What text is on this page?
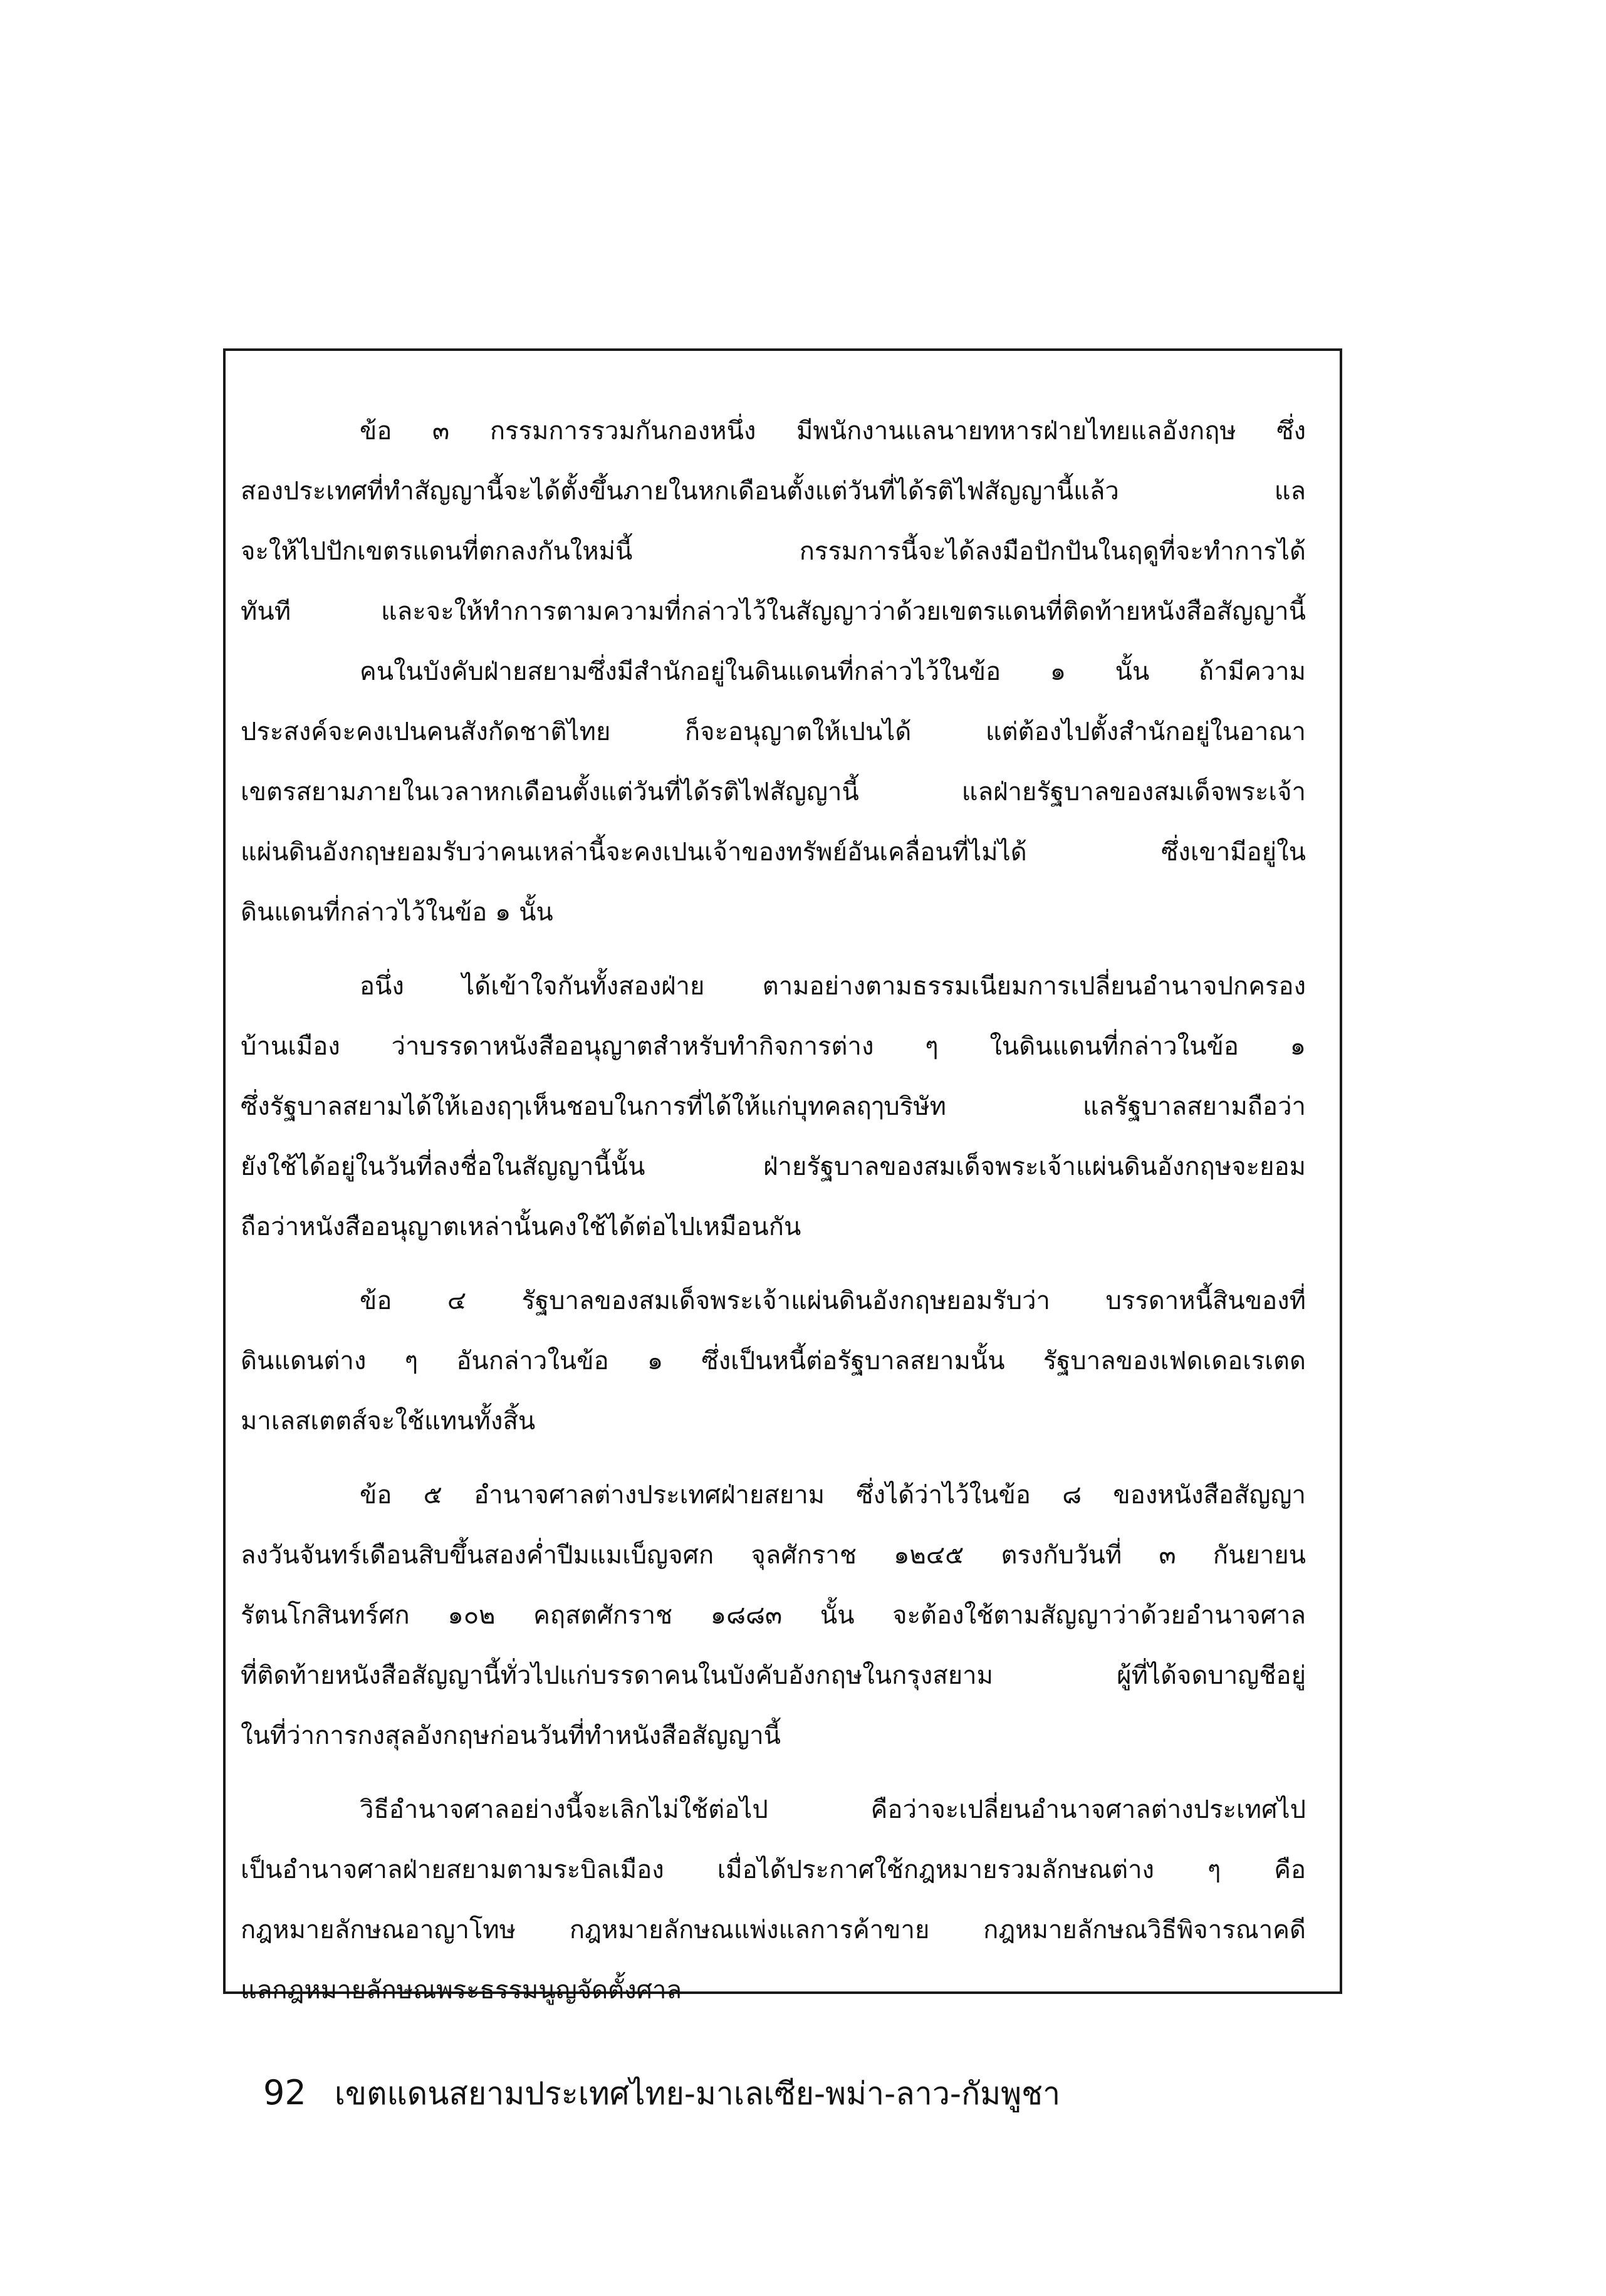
ข้อ ๓ กรรมการรวมกันกองหนึ่ง มีพนักงานแลนายทหารฝ่ายไทยแลอังกฤษ ซึ่ง
สองประเทศที่ทำสัญญานี้จะได้ตั้งขึ้นภายในหกเดือนตั้งแต่วันที่ได้รติไฟสัญญานี้แล้ว แล
จะให้ไปปักเขตรแดนที่ตกลงกันใหม่นี้ กรรมการนี้จะได้ลงมือปักปันในฤดูที่จะทำการได้
ทันที และจะให้ทำการตามความที่กล่าวไว้ในสัญญาว่าด้วยเขตรแดนที่ติดท้ายหนังสือสัญญานี้
คนในบังคับฝ่ายสยามซึ่งมีสำนักอยู่ในดินแดนที่กล่าวไว้ในข้อ ๑ นั้น ถ้ามีความ
ประสงค์จะคงเปนคนสังกัดชาติไทย ก็จะอนุญาตให้เปนได้ แต่ต้องไปตั้งสำนักอยู่ในอาณา
เขตรสยามภายในเวลาหกเดือนตั้งแต่วันที่ได้รติไฟสัญญานี้ แลฝ่ายรัฐบาลของสมเด็จพระเจ้า
แผ่นดินอังกฤษยอมรับว่าคนเหล่านี้จะคงเปนเจ้าของทรัพย์อันเคลื่อนที่ไม่ได้ ซึ่งเขามีอยู่ใน
ดินแดนที่กล่าวไว้ในข้อ ๑ นั้น
อนึ่ง ได้เข้าใจกันทั้งสองฝ่าย ตามอย่างตามธรรมเนียมการเปลี่ยนอำนาจปกครอง
บ้านเมือง ว่าบรรดาหนังสืออนุญาตสำหรับทำกิจการต่าง ๆ ในดินแดนที่กล่าวในข้อ ๑
ซึ่งรัฐบาลสยามได้ให้เองฤๅเห็นชอบในการที่ได้ให้แก่บุทคลฤๅบริษัท แลรัฐบาลสยามถือว่า
ยังใช้ได้อยู่ในวันที่ลงชื่อในสัญญานี้นั้น ฝ่ายรัฐบาลของสมเด็จพระเจ้าแผ่นดินอังกฤษจะยอม
ถือว่าหนังสืออนุญาตเหล่านั้นคงใช้ได้ต่อไปเหมือนกัน
ข้อ ๔ รัฐบาลของสมเด็จพระเจ้าแผ่นดินอังกฤษยอมรับว่า บรรดาหนี้สินของที่
ดินแดนต่าง ๆ อันกล่าวในข้อ ๑ ซึ่งเป็นหนี้ต่อรัฐบาลสยามนั้น รัฐบาลของเฟดเดอเรเตด
มาเลสเตตส์จะใช้แทนทั้งสิ้น
ข้อ ๕ อำนาจศาลต่างประเทศฝ่ายสยาม ซึ่งได้ว่าไว้ในข้อ ๘ ของหนังสือสัญญา
ลงวันจันทร์เดือนสิบขึ้นสองค่ำปีมแมเบ็ญจศก จุลศักราช ๑๒๔๕ ตรงกับวันที่ ๓ กันยายน
รัตนโกสินทร์ศก ๑๐๒ คฤสตศักราช ๑๘๘๓ นั้น จะต้องใช้ตามสัญญาว่าด้วยอำนาจศาล
ที่ติดท้ายหนังสือสัญญานี้ทั่วไปแก่บรรดาคนในบังคับอังกฤษในกรุงสยาม ผู้ที่ได้จดบาญชีอยู่
ในที่ว่าการกงสุลอังกฤษก่อนวันที่ทำหนังสือสัญญานี้
วิธีอำนาจศาลอย่างนี้จะเลิกไม่ใช้ต่อไป คือว่าจะเปลี่ยนอำนาจศาลต่างประเทศไป
เป็นอำนาจศาลฝ่ายสยามตามระบิลเมือง เมื่อได้ประกาศใช้กฎหมายรวมลักษณต่าง ๆ คือ
กฎหมายลักษณอาญาโทษ กฎหมายลักษณแพ่งแลการค้าขาย กฎหมายลักษณวิธีพิจารณาคดี
แลกฎหมายลักษณพระธรรมนูญจัดตั้งศาล
92 เขตแดนสยามประเทศไทย-มาเลเซีย-พม่า-ลาว-กัมพูชา
